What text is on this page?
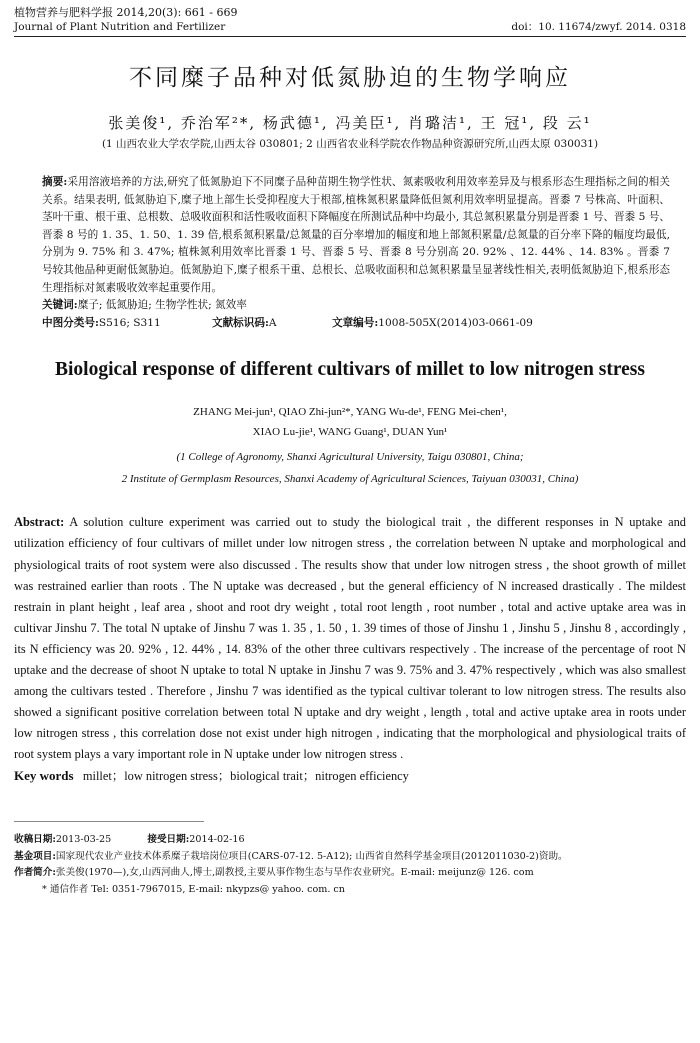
植物营养与肥料学报 2014,20(3): 661 - 669
Journal of Plant Nutrition and Fertilizer	doi：10. 11674/zwyf. 2014. 0318
不同糜子品种对低氮胁迫的生物学响应
张美俊¹, 乔治军²*, 杨武德¹, 冯美臣¹, 肖璐洁¹, 王 冠¹, 段 云¹
(1 山西农业大学农学院,山西太谷 030801; 2 山西省农业科学院农作物品种资源研究所,山西太原 030031)
摘要:采用溶液培养的方法,研究了低氮胁迫下不同糜子品种苗期生物学性状、氮素吸收利用效率差异及与根系形态生理指标之间的相关关系。结果表明, 低氮胁迫下,糜子地上部生长受抑程度大于根部,植株氮积累量降低但氮利用效率明显提高。晋黍 7 号株高、叶面积、茎叶干重、根干重、总根数、总吸收面积和活性吸收面积下降幅度在所测试品种中均最小, 其总氮积累量分别是晋黍 1 号、晋黍 5 号、晋黍 8 号的 1. 35、1. 50、1. 39 倍,根系氮积累量/总氮量的百分率增加的幅度和地上部氮积累量/总氮量的百分率下降的幅度均最低, 分别为 9. 75% 和 3. 47%; 植株氮利用效率比晋黍 1 号、晋黍 5 号、晋黍 8 号分别高 20. 92% 、12. 44% 、14. 83% 。晋黍 7 号较其他品种更耐低氮胁迫。低氮胁迫下,糜子根系干重、总根长、总吸收面积和总氮积累量呈显著线性相关,表明低氮胁迫下,根系形态生理指标对氮素吸收效率起重要作用。
关键词:糜子; 低氮胁迫; 生物学性状; 氮效率
中图分类号:S516; S311	文献标识码:A	文章编号:1008-505X(2014)03-0661-09
Biological response of different cultivars of millet to low nitrogen stress
ZHANG Mei-jun¹, QIAO Zhi-jun²*, YANG Wu-de¹, FENG Mei-chen¹,
XIAO Lu-jie¹, WANG Guang¹, DUAN Yun¹
(1 College of Agronomy, Shanxi Agricultural University, Taigu 030801, China;
2 Institute of Germplasm Resources, Shanxi Academy of Agricultural Sciences, Taiyuan 030031, China)
Abstract: A solution culture experiment was carried out to study the biological trait , the different responses in N uptake and utilization efficiency of four cultivars of millet under low nitrogen stress , the correlation between N uptake and morphological and physiological traits of root system were also discussed . The results show that under low nitrogen stress , the shoot growth of millet was restrained earlier than roots . The N uptake was decreased , but the general efficiency of N increased drastically . The mildest restrain in plant height , leaf area , shoot and root dry weight , total root length , root number , total and active uptake area was in cultivar Jinshu 7. The total N uptake of Jinshu 7 was 1. 35 , 1. 50 , 1. 39 times of those of Jinshu 1 , Jinshu 5 , Jinshu 8 , accordingly , its N efficiency was 20. 92% , 12. 44% , 14. 83% of the other three cultivars respectively . The increase of the percentage of root N uptake and the decrease of shoot N uptake to total N uptake in Jinshu 7 was 9. 75% and 3. 47% respectively , which was also smallest among the cultivars tested . Therefore , Jinshu 7 was identified as the typical cultivar tolerant to low nitrogen stress. The results also showed a significant positive correlation between total N uptake and dry weight , length , total and active uptake area in roots under low nitrogen stress , this correlation dose not exist under high nitrogen , indicating that the morphological and physiological traits of root system plays a vary important role in N uptake under low nitrogen stress .
Key words millet；low nitrogen stress；biological trait；nitrogen efficiency
收稿日期:2013-03-25	接受日期:2014-02-16
基金项目:国家现代农业产业技术体系糜子栽培岗位项目(CARS-07-12. 5-A12); 山西省自然科学基金项目(2012011030-2)资助。
作者简介:张美俊(1970—),女,山西河曲人,博士,副教授,主要从事作物生态与旱作农业研究。E-mail: meijunz@ 126. com
* 通信作者 Tel: 0351-7967015, E-mail: nkypzs@ yahoo. com. cn
